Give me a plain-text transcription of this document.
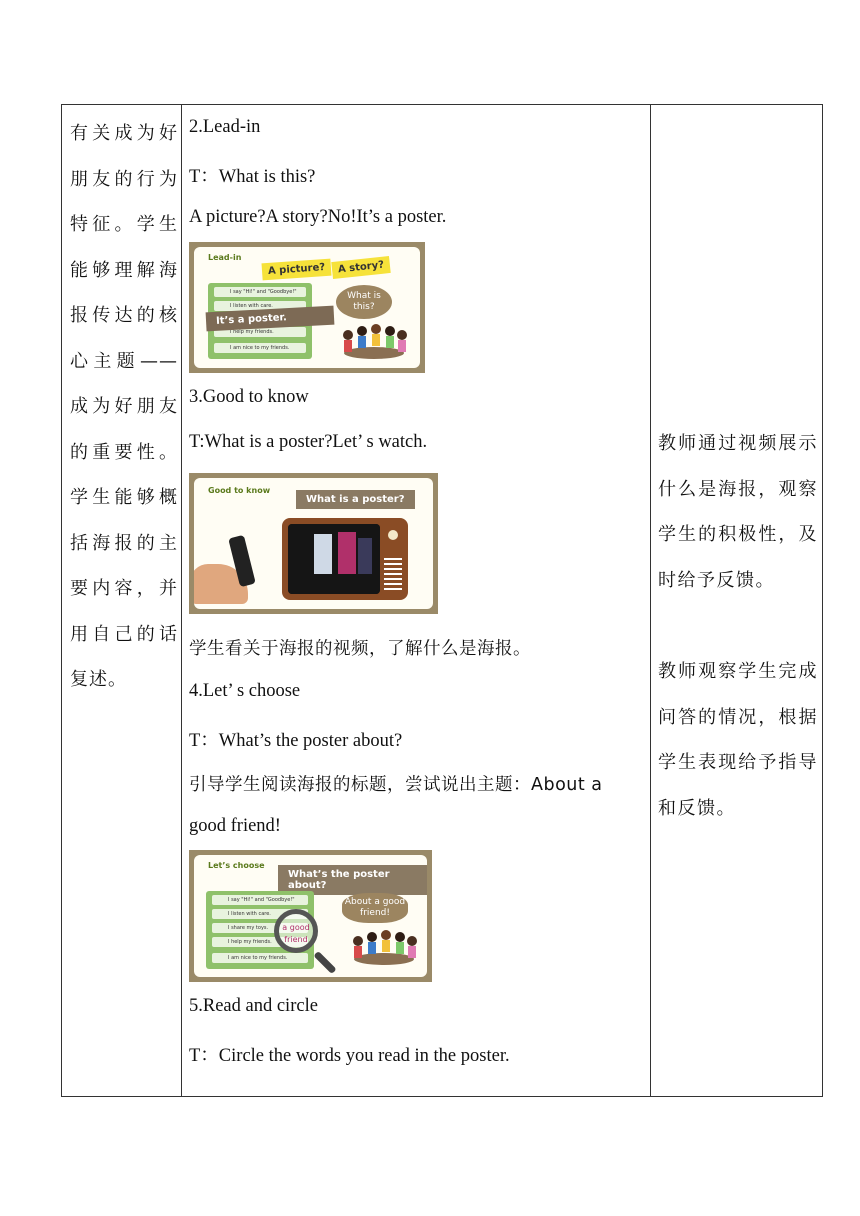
有关成为好朋友的行为特征。学生能够理解海报传达的核心主题——成为好朋友的重要性。学生能够概括海报的主要内容，并用自己的话复述。
2.Lead-in
T：What is this?
A picture?A story?No!It’s a poster.
Lead-in
A picture?	A story?
I say "Hi!" and "Goodbye!"
I listen with care.
I help my friends.
I am nice to my friends.
It’s a poster.
What is this?
3.Good to know
T:What is a poster?Let’ s watch.
Good to know
What is a poster?
学生看关于海报的视频，了解什么是海报。
4.Let’ s choose
T：What’s the poster about?
引导学生阅读海报的标题，尝试说出主题：About a
good friend!
Let’s choose
What’s the poster about?
I say "Hi!" and "Goodbye!"
I listen with care.
I share my toys.
I help my friends.
I am nice to my friends.
a good friend
About a good friend!
5.Read and circle
T：Circle the words you read in the poster.
教师通过视频展示什么是海报，观察学生的积极性，及时给予反馈。
教师观察学生完成问答的情况，根据学生表现给予指导和反馈。
